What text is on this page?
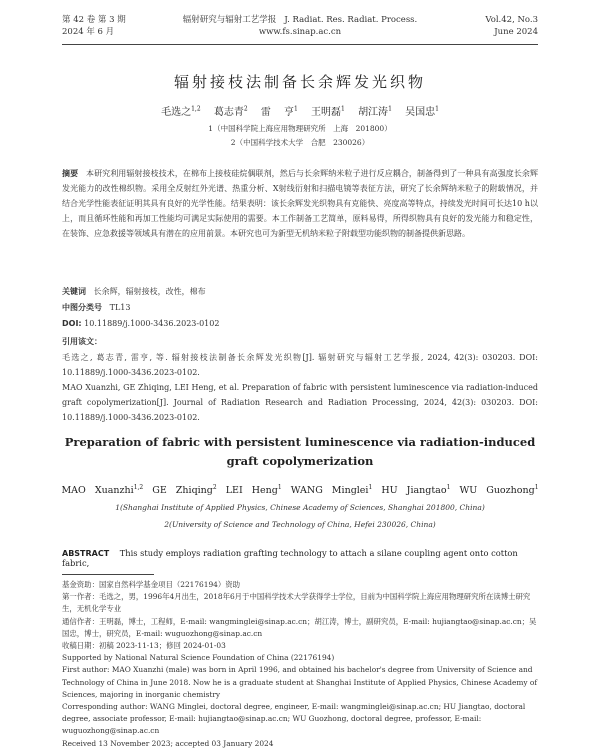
第 42 卷 第 3 期
2024 年 6 月
辐射研究与辐射工艺学报 J. Radiat. Res. Radiat. Process.
www.fs.sinap.ac.cn
Vol.42, No.3
June 2024
辐射接枝法制备长余辉发光织物
毛选之$^{1,2}$ 葛志青$^2$ 雷 亨$^1$ 王明磊$^1$ 胡江涛$^1$ 吴国忠$^1$
1（中国科学院上海应用物理研究所　上海　201800）
2（中国科学技术大学　合肥　230026）
摘要 本研究利用辐射接枝技术，在棉布上接枝硅烷偶联剂，然后与长余辉纳米粒子进行反应耦合，制备得到了一种具有高强度长余辉发光能力的改性棉织物。采用全反射红外光谱、热重分析、X射线衍射和扫描电镜等表征方法，研究了长余辉纳米粒子的附载情况，并结合光学性能表征证明其具有良好的光学性能。结果表明：该长余辉发光织物具有克能快、亮度高等特点，持续发光时间可长达10 h以上，而且循环性能和再加工性能均可满足实际使用的需要。本工作制备工艺简单，原料易得，所得织物具有良好的发光能力和稳定性，在装饰、应急救援等领域具有潜在的应用前景。本研究也可为新型无机纳米粒子附载型功能织物的制备提供新思路。
关键词 长余辉，辐射接枝，改性，棉布
中图分类号 TL13
DOI: 10.11889/j.1000-3436.2023-0102
引用该文：
毛选之, 葛志青, 雷亨, 等. 辐射接枝法制备长余辉发光织物[J]. 辐射研究与辐射工艺学报, 2024, 42(3): 030203. DOI: 10.11889/j.1000-3436.2023-0102.
MAO Xuanzhi, GE Zhiqing, LEI Heng, et al. Preparation of fabric with persistent luminescence via radiation-induced graft copolymerization[J]. Journal of Radiation Research and Radiation Processing, 2024, 42(3): 030203. DOI: 10.11889/j.1000-3436.2023-0102.
Preparation of fabric with persistent luminescence via radiation-induced graft copolymerization
MAO Xuanzhi$^{1,2}$ GE Zhiqing$^2$ LEI Heng$^1$ WANG Minglei$^1$ HU Jiangtao$^1$ WU Guozhong$^1$
1(Shanghai Institute of Applied Physics, Chinese Academy of Sciences, Shanghai 201800, China)
2(University of Science and Technology of China, Hefei 230026, China)
ABSTRACT This study employs radiation grafting technology to attach a silane coupling agent onto cotton fabric,
基金资助：国家自然科学基金项目（22176194）资助
第一作者：毛选之，男，1996年4月出生，2018年6月于中国科学技术大学获得学士学位，目前为中国科学院上海应用物理研究所在读博士研究生，无机化学专业
通信作者：王明磊，博士，工程师，E-mail: wangminglei@sinap.ac.cn；胡江涛，博士，副研究员，E-mail: hujiangtao@sinap.ac.cn；吴国忠，博士，研究员，E-mail: wuguozhong@sinap.ac.cn
收稿日期：初稿 2023-11-13；修回 2024-01-03
Supported by National Natural Science Foundation of China (22176194)
First author: MAO Xuanzhi (male) was born in April 1996, and obtained his bachelor's degree from University of Science and Technology of China in June 2018. Now he is a graduate student at Shanghai Institute of Applied Physics, Chinese Academy of Sciences, majoring in inorganic chemistry
Corresponding author: WANG Minglei, doctoral degree, engineer, E-mail: wangminglei@sinap.ac.cn; HU Jiangtao, doctoral degree, associate professor, E-mail: hujiangtao@sinap.ac.cn; WU Guozhong, doctoral degree, professor, E-mail: wuguozhong@sinap.ac.cn
Received 13 November 2023; accepted 03 January 2024
